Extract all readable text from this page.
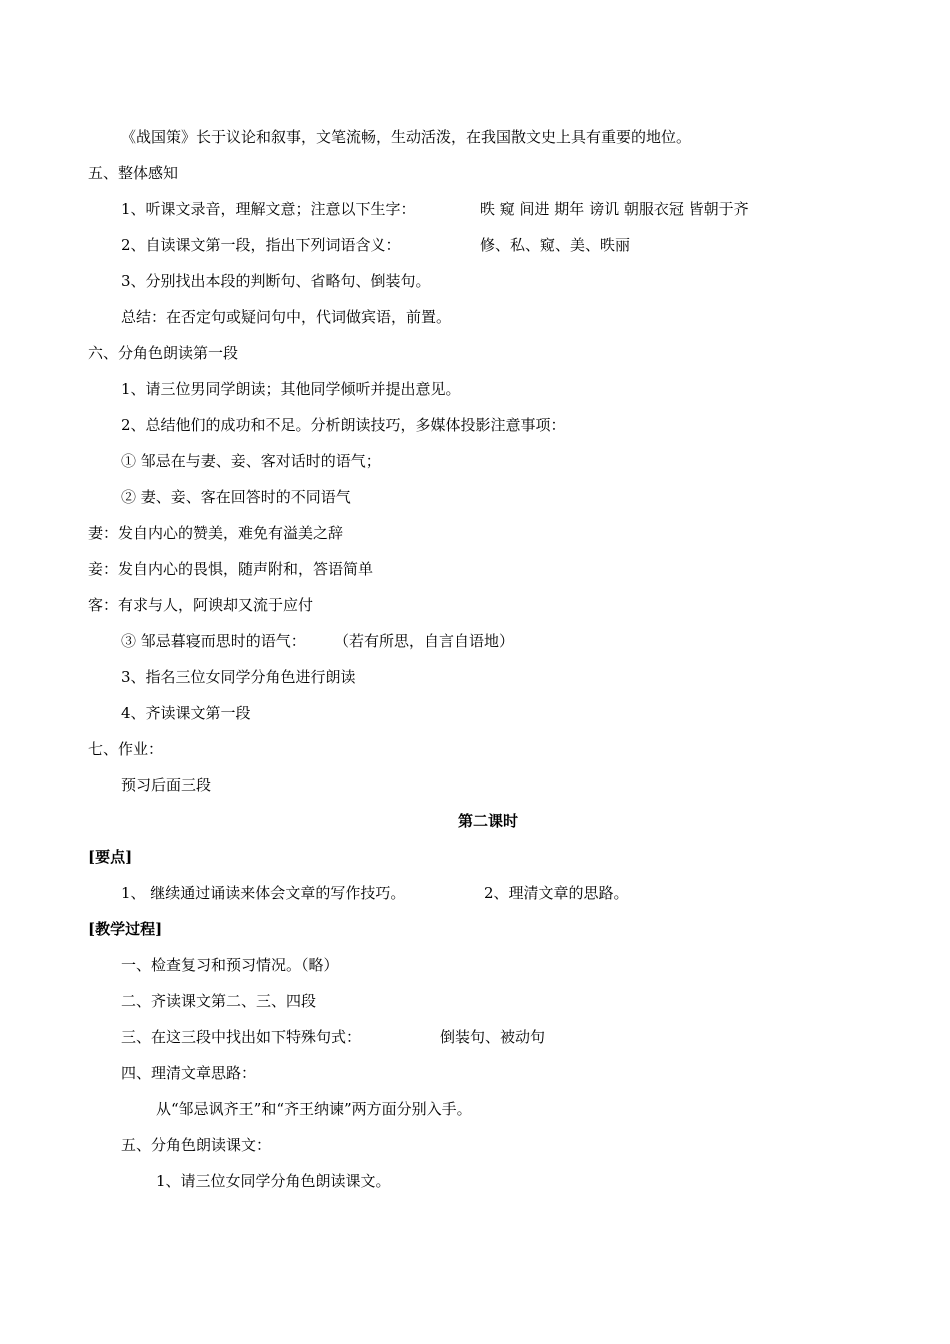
《战国策》长于议论和叙事，文笔流畅，生动活泼，在我国散文史上具有重要的地位。
五、整体感知
1、听课文录音，理解文意；注意以下生字：	昳 窥 间进 期年 谤讥 朝服衣冠 皆朝于齐
2、自读课文第一段，指出下列词语含义：	修、私、窥、美、昳丽
3、分别找出本段的判断句、省略句、倒装句。
总结：在否定句或疑问句中，代词做宾语，前置。
六、分角色朗读第一段
1、请三位男同学朗读；其他同学倾听并提出意见。
2、总结他们的成功和不足。分析朗读技巧，多媒体投影注意事项：
① 邹忌在与妻、妾、客对话时的语气；
② 妻、妾、客在回答时的不同语气
妻：发自内心的赞美，难免有溢美之辞
妾：发自内心的畏惧，随声附和，答语简单
客：有求与人，阿谀却又流于应付
③ 邹忌暮寝而思时的语气： （若有所思，自言自语地）
3、指名三位女同学分角色进行朗读
4、齐读课文第一段
七、作业：
预习后面三段
第二课时
[要点]
1、 继续通过诵读来体会文章的写作技巧。	2、理清文章的思路。
[教学过程]
一、检查复习和预习情况。（略）
二、齐读课文第二、三、四段
三、在这三段中找出如下特殊句式：	倒装句、被动句
四、理清文章思路：
从“邹忌讽齐王”和“齐王纳谏”两方面分别入手。
五、分角色朗读课文：
1、请三位女同学分角色朗读课文。
